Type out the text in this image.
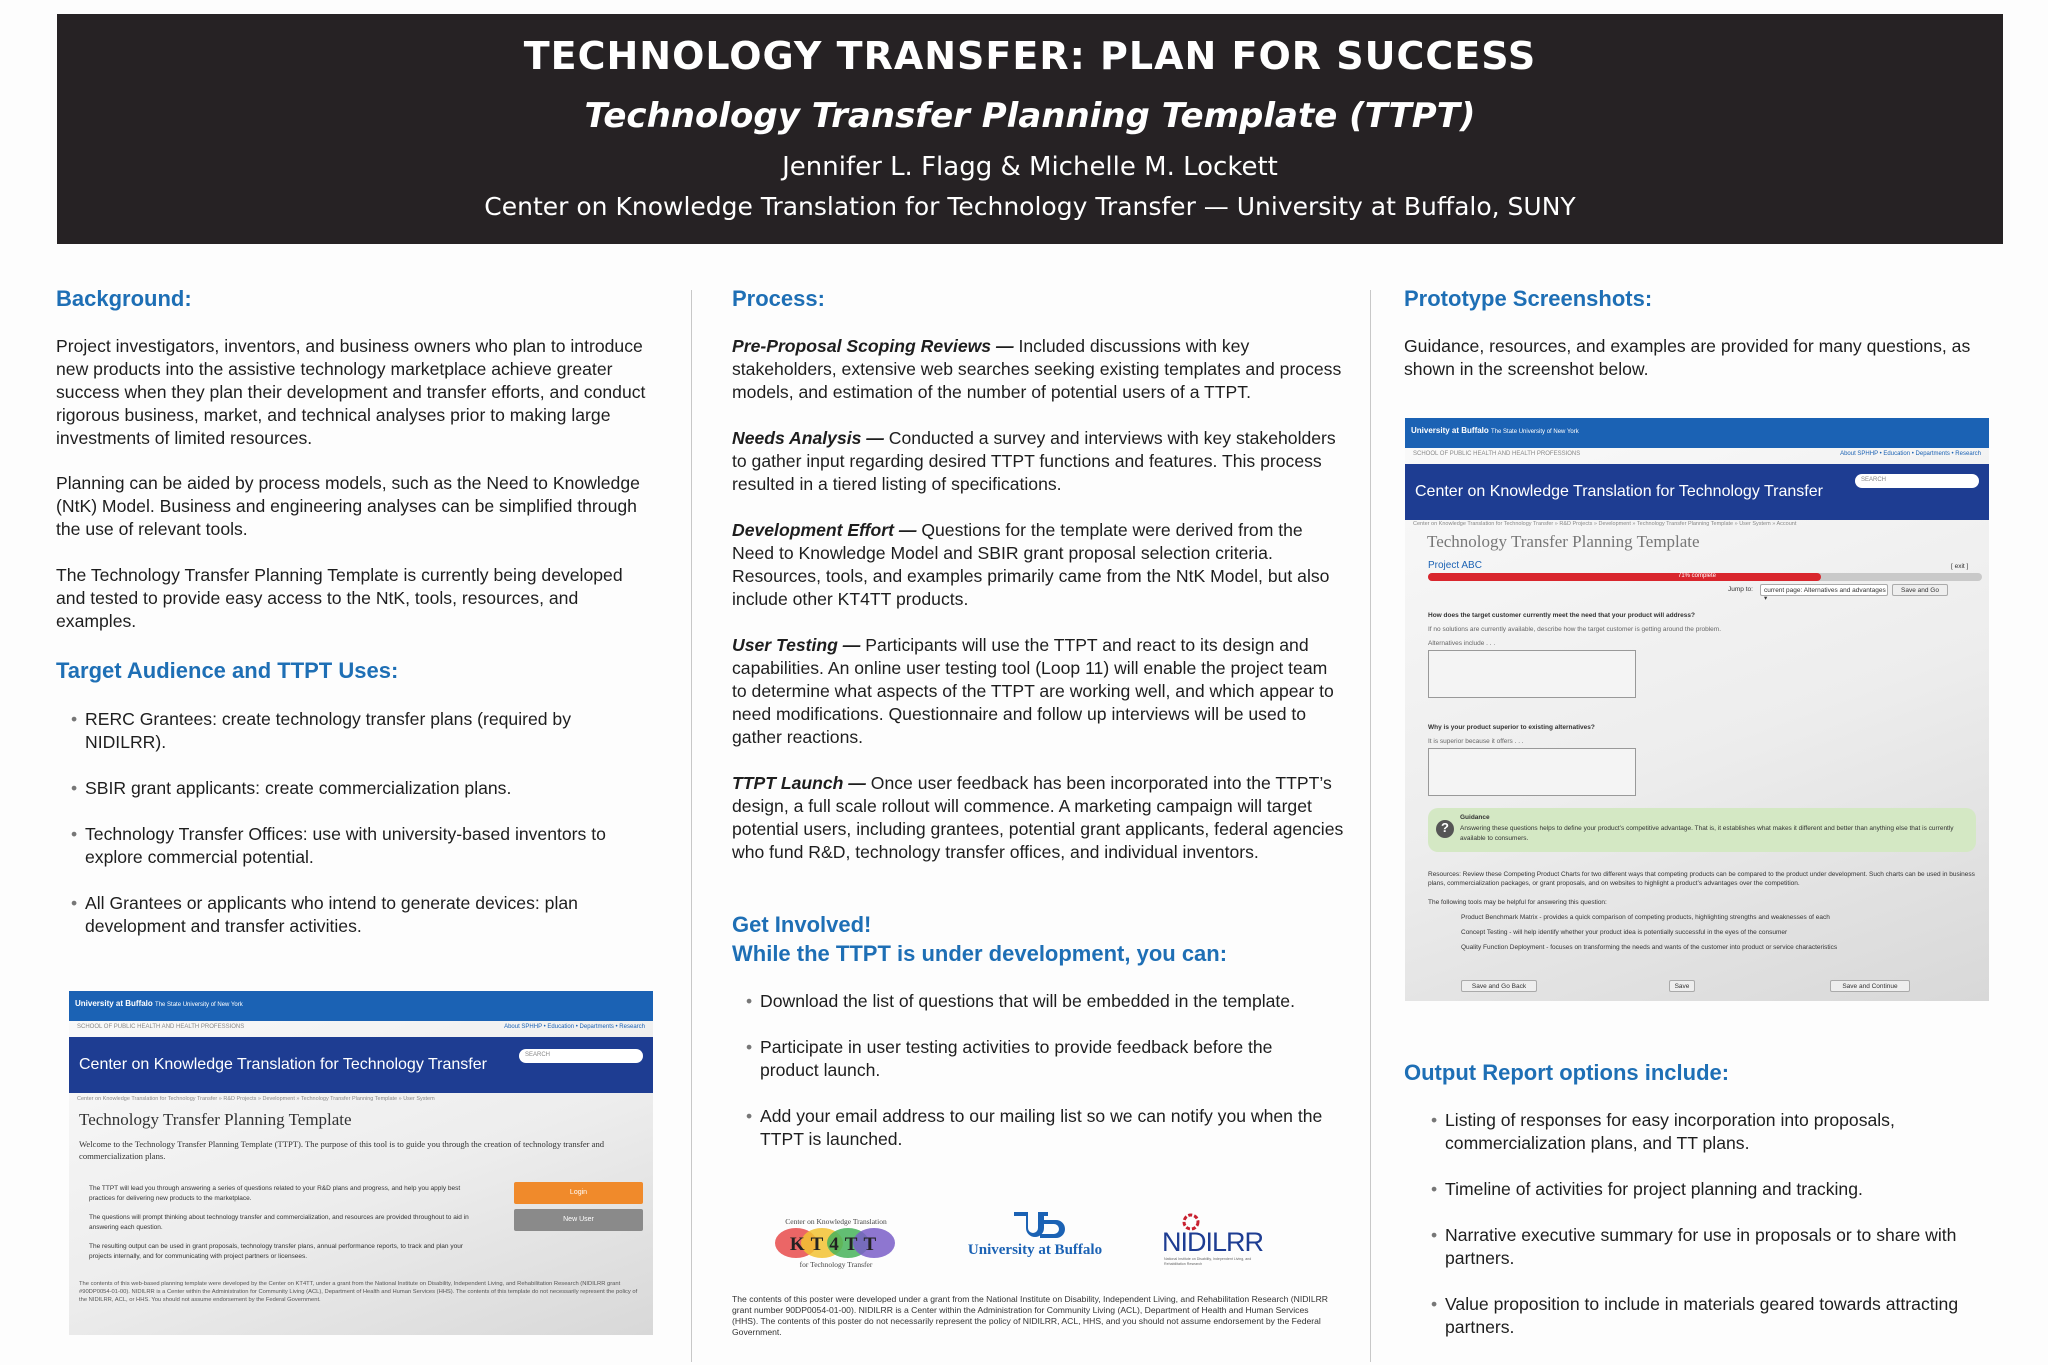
TECHNOLOGY TRANSFER: PLAN FOR SUCCESS
Technology Transfer Planning Template (TTPT)
Jennifer L. Flagg & Michelle M. Lockett
Center on Knowledge Translation for Technology Transfer — University at Buffalo, SUNY
Background:
Project investigators, inventors, and business owners who plan to introduce new products into the assistive technology marketplace achieve greater success when they plan their development and transfer efforts, and conduct rigorous business, market, and technical analyses prior to making large investments of limited resources.
Planning can be aided by process models, such as the Need to Knowledge (NtK) Model. Business and engineering analyses can be simplified through the use of relevant tools.
The Technology Transfer Planning Template is currently being developed and tested to provide easy access to the NtK, tools, resources, and examples.
Target Audience and TTPT Uses:
• RERC Grantees: create technology transfer plans (required by NIDILRR).
• SBIR grant applicants: create commercialization plans.
• Technology Transfer Offices: use with university-based inventors to explore commercial potential.
• All Grantees or applicants who intend to generate devices: plan development and transfer activities.
University at Buffalo The State University of New York
SCHOOL OF PUBLIC HEALTH AND HEALTH PROFESSIONS	About SPHHP • Education • Departments • Research
Center on Knowledge Translation for Technology Transfer
SEARCH
Center on Knowledge Translation for Technology Transfer » R&D Projects » Development » Technology Transfer Planning Template » User System
Technology Transfer Planning Template
Welcome to the Technology Transfer Planning Template (TTPT). The purpose of this tool is to guide you through the creation of technology transfer and commercialization plans.
The TTPT will lead you through answering a series of questions related to your R&D plans and progress, and help you apply best practices for delivering new products to the marketplace.
The questions will prompt thinking about technology transfer and commercialization, and resources are provided throughout to aid in answering each question.
The resulting output can be used in grant proposals, technology transfer plans, annual performance reports, to track and plan your projects internally, and for communicating with project partners or licensees.
Login
New User
The contents of this web-based planning template were developed by the Center on KT4TT, under a grant from the National Institute on Disability, Independent Living, and Rehabilitation Research (NIDILRR grant #90DP0054-01-00). NIDILRR is a Center within the Administration for Community Living (ACL), Department of Health and Human Services (HHS). The contents of this template do not necessarily represent the policy of the NIDILRR, ACL, or HHS. You should not assume endorsement by the Federal Government.
Process:
Pre-Proposal Scoping Reviews — Included discussions with key stakeholders, extensive web searches seeking existing templates and process models, and estimation of the number of potential users of a TTPT.
Needs Analysis — Conducted a survey and interviews with key stakeholders to gather input regarding desired TTPT functions and features. This process resulted in a tiered listing of specifications.
Development Effort — Questions for the template were derived from the Need to Knowledge Model and SBIR grant proposal selection criteria. Resources, tools, and examples primarily came from the NtK Model, but also include other KT4TT products.
User Testing — Participants will use the TTPT and react to its design and capabilities. An online user testing tool (Loop 11) will enable the project team to determine what aspects of the TTPT are working well, and which appear to need modifications. Questionnaire and follow up interviews will be used to gather reactions.
TTPT Launch — Once user feedback has been incorporated into the TTPT’s design, a full scale rollout will commence. A marketing campaign will target potential users, including grantees, potential grant applicants, federal agencies who fund R&D, technology transfer offices, and individual inventors.
Get Involved!
While the TTPT is under development, you can:
• Download the list of questions that will be embedded in the template.
• Participate in user testing activities to provide feedback before the product launch.
• Add your email address to our mailing list so we can notify you when the TTPT is launched.
Center on Knowledge Translation
KT4TT
for Technology Transfer
University at Buffalo	NIDILRR
National Institute on Disability, Independent Living, and Rehabilitation Research
The contents of this poster were developed under a grant from the National Institute on Disability, Independent Living, and Rehabilitation Research (NIDILRR grant number 90DP0054-01-00). NIDILRR is a Center within the Administration for Community Living (ACL), Department of Health and Human Services (HHS). The contents of this poster do not necessarily represent the policy of NIDILRR, ACL, HHS, and you should not assume endorsement by the Federal Government.
Prototype Screenshots:
Guidance, resources, and examples are provided for many questions, as shown in the screenshot below.
University at Buffalo The State University of New York
SCHOOL OF PUBLIC HEALTH AND HEALTH PROFESSIONS	About SPHHP • Education • Departments • Research
Center on Knowledge Translation for Technology Transfer
SEARCH
Center on Knowledge Translation for Technology Transfer » R&D Projects » Development » Technology Transfer Planning Template » User System » Account
Technology Transfer Planning Template
Project ABC	[ exit ]
71% complete
Jump to:	current page: Alternatives and advantages ▾
Save and Go
How does the target customer currently meet the need that your product will address?
If no solutions are currently available, describe how the target customer is getting around the problem.
Alternatives include . . .
Why is your product superior to existing alternatives?
It is superior because it offers . . .
?
Guidance
Answering these questions helps to define your product’s competitive advantage. That is, it establishes what makes it different and better than anything else that is currently available to consumers.
Resources: Review these Competing Product Charts for two different ways that competing products can be compared to the product under development. Such charts can be used in business plans, commercialization packages, or grant proposals, and on websites to highlight a product’s advantages over the competition.
The following tools may be helpful for answering this question:
Product Benchmark Matrix - provides a quick comparison of competing products, highlighting strengths and weaknesses of each
Concept Testing - will help identify whether your product idea is potentially successful in the eyes of the consumer
Quality Function Deployment - focuses on transforming the needs and wants of the customer into product or service characteristics
Save and Go Back	Save	Save and Continue
Output Report options include:
• Listing of responses for easy incorporation into proposals, commercialization plans, and TT plans.
• Timeline of activities for project planning and tracking.
• Narrative executive summary for use in proposals or to share with partners.
• Value proposition to include in materials geared towards attracting partners.
